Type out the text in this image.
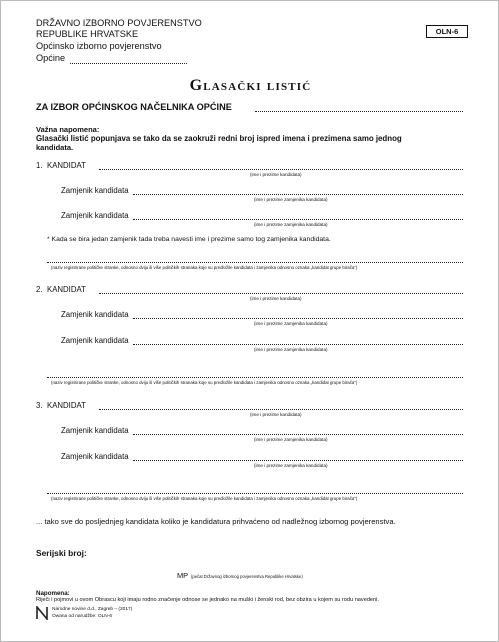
DRŽAVNO IZBORNO POVJERENSTVO
REPUBLIKE HRVATSKE
Općinsko izborno povjerenstvo
Općine
OLN-6
Glasački listić
ZA IZBOR OPĆINSKOG NAČELNIKA OPĆINE
Važna napomena:
Glasački listić popunjava se tako da se zaokruži redni broj ispred imena i prezimena samo jednog
kandidata.
1. KANDIDAT
(ime i prezime kandidata)
Zamjenik kandidata
(ime i prezime zamjenika kandidata)
Zamjenik kandidata
(ime i prezime zamjenika kandidata)
* Kada se bira jedan zamjenik tada treba navesti ime i prezime samo tog zamjenika kandidata.
(naziv registrirane političke stranke, odnosno dviju ili više političkih stranaka koje su predložile kandidata i zamjenika odnosno oznaka „kandidat grupe birača")
2. KANDIDAT
(ime i prezime kandidata)
Zamjenik kandidata
(ime i prezime zamjenika kandidata)
Zamjenik kandidata
(ime i prezime zamjenika kandidata)
(naziv registrirane političke stranke, odnosno dviju ili više političkih stranaka koje su predložile kandidata i zamjenika odnosno oznaka „kandidat grupe birača")
3. KANDIDAT
(ime i prezime kandidata)
Zamjenik kandidata
(ime i prezime zamjenika kandidata)
Zamjenik kandidata
(ime i prezime zamjenika kandidata)
(naziv registrirane političke stranke, odnosno dviju ili više političkih stranaka koje su predložile kandidata i zamjenika odnosno oznaka „kandidat grupe birača")
... tako sve do posljednjeg kandidata koliko je kandidatura prihvaćeno od nadležnog izbornog povjerenstva.
Serijski broj:
MP (pečat Državnog izbornog povjerenstva Republike Hrvatske)
Napomena:
Riječi i pojmovi u ovom Obrascu koji imaju rodno značenje odnose se jednako na muški i ženski rod, bez obzira u kojem su rodu navedeni.
Narodne novine d.d., Zagreb – (2017)
Owana od narudžbe: OLN-6
